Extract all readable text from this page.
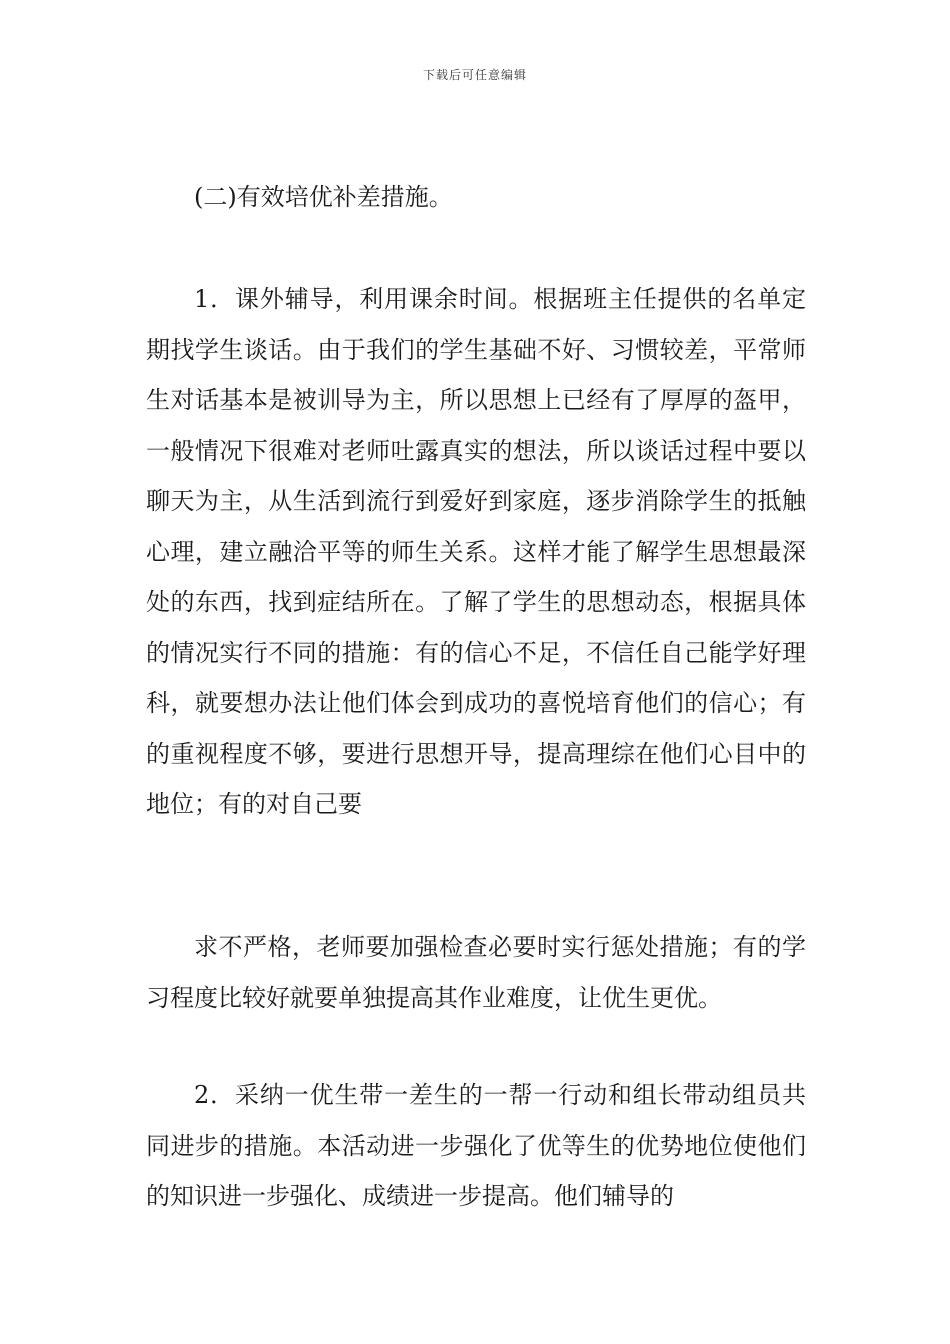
下载后可任意编辑

(二)有效培优补差措施。

1．课外辅导，利用课余时间。根据班主任提供的名单定期找学生谈话。由于我们的学生基础不好、习惯较差，平常师生对话基本是被训导为主，所以思想上已经有了厚厚的盔甲，一般情况下很难对老师吐露真实的想法，所以谈话过程中要以聊天为主，从生活到流行到爱好到家庭，逐步消除学生的抵触心理，建立融洽平等的师生关系。这样才能了解学生思想最深处的东西，找到症结所在。了解了学生的思想动态，根据具体的情况实行不同的措施：有的信心不足，不信任自己能学好理科，就要想办法让他们体会到成功的喜悦培育他们的信心；有的重视程度不够，要进行思想开导，提高理综在他们心目中的地位；有的对自己要

求不严格，老师要加强检查必要时实行惩处措施；有的学习程度比较好就要单独提高其作业难度，让优生更优。

2．采纳一优生带一差生的一帮一行动和组长带动组员共同进步的措施。本活动进一步强化了优等生的优势地位使他们的知识进一步强化、成绩进一步提高。他们辅导的
